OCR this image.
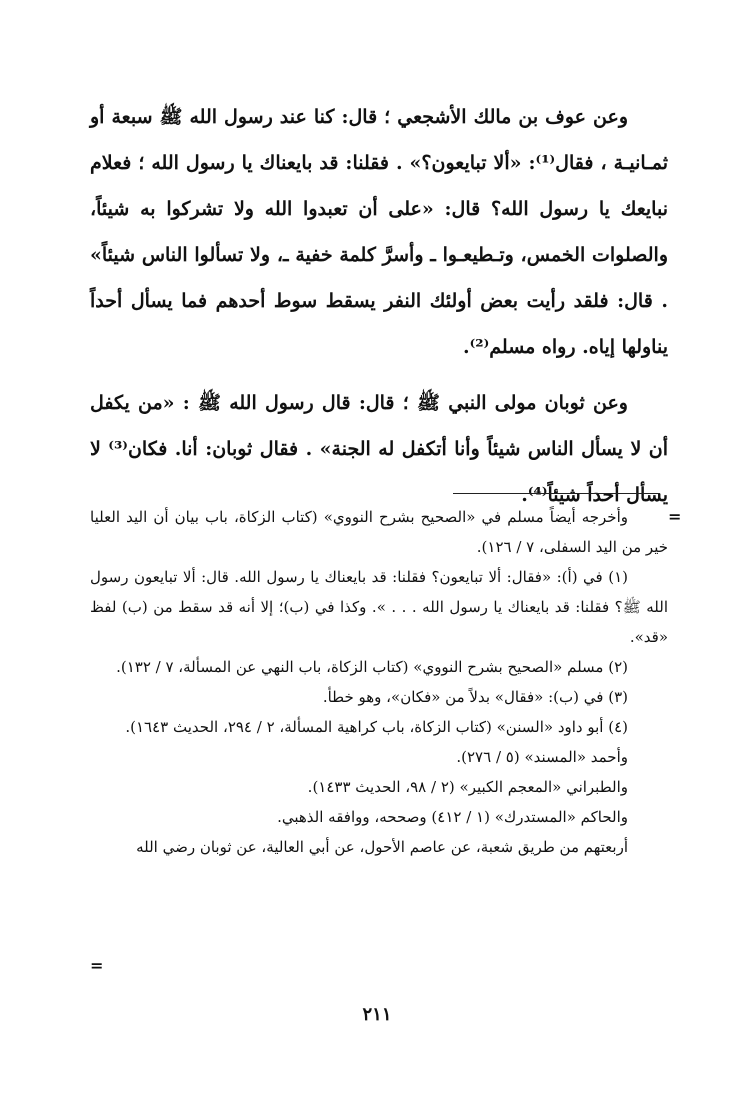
وعن عوف بن مالك الأشجعي ؛ قال: كنا عند رسول الله ﷺ سبعة أو ثمـانيـة ، فقال⁽¹⁾: «ألا تبايعون؟» . فقلنا: قد بايعناك يا رسول الله ؛ فعلام نبايعك يا رسول الله؟ قال: «على أن تعبدوا الله ولا تشركوا به شيئاً، والصلوات الخمس، وتـطيعـوا ـ وأسرَّ كلمة خفية ـ، ولا تسألوا الناس شيئاً» . قال: فلقد رأيت بعض أولئك النفر يسقط سوط أحدهم فما يسأل أحداً يناولها إياه. رواه مسلم⁽²⁾.

وعن ثوبان مولى النبي ﷺ ؛ قال: قال رسول الله ﷺ : «من يكفل أن لا يسأل الناس شيئاً وأنا أتكفل له الجنة» . فقال ثوبان: أنا. فكان⁽³⁾ لا يسأل أحداً شيئاً⁽⁴⁾.

=

وأخرجه أيضاً مسلم في «الصحيح بشرح النووي» (كتاب الزكاة، باب بيان أن اليد العليا خير من اليد السفلى، ٧ / ١٢٦).

(١) في (أ): «فقال: ألا تبايعون؟ فقلنا: قد بايعناك يا رسول الله. قال: ألا تبايعون رسول الله ﷺ؟ فقلنا: قد بايعناك يا رسول الله . . . ». وكذا في (ب)؛ إلا أنه قد سقط من (ب) لفظ «قد».

(٢) مسلم «الصحيح بشرح النووي» (كتاب الزكاة، باب النهي عن المسألة، ٧ / ١٣٢).

(٣) في (ب): «فقال» بدلاً من «فكان»، وهو خطأ.

(٤) أبو داود «السنن» (كتاب الزكاة، باب كراهية المسألة، ٢ / ٢٩٤، الحديث ١٦٤٣).

وأحمد «المسند» (٥ / ٢٧٦).

والطبراني «المعجم الكبير» (٢ / ٩٨، الحديث ١٤٣٣).

والحاكم «المستدرك» (١ / ٤١٢) وصححه، ووافقه الذهبي.

أربعتهم من طريق شعبة، عن عاصم الأحول، عن أبي العالية، عن ثوبان رضي الله

=
٢١١
